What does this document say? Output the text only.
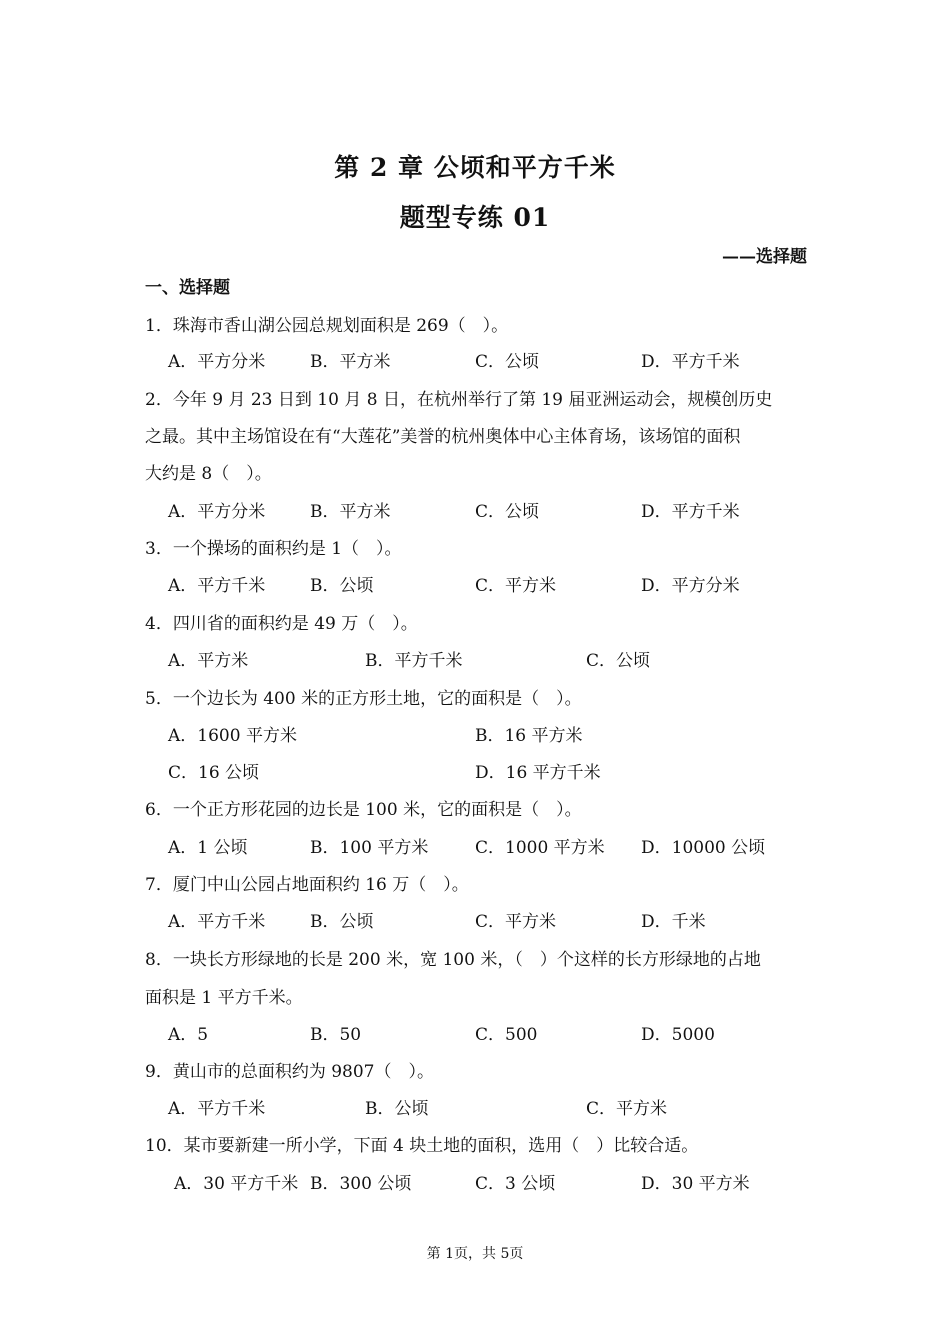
第 2 章 公顷和平方千米
题型专练 01
——选择题
一、选择题
1．珠海市香山湖公园总规划面积是 269（　）。
A．平方分米	B．平方米	C．公顷	D．平方千米
2．今年 9 月 23 日到 10 月 8 日，在杭州举行了第 19 届亚洲运动会，规模创历史
之最。其中主场馆设在有“大莲花”美誉的杭州奥体中心主体育场，该场馆的面积
大约是 8（　）。
A．平方分米	B．平方米	C．公顷	D．平方千米
3．一个操场的面积约是 1（　）。
A．平方千米	B．公顷	C．平方米	D．平方分米
4．四川省的面积约是 49 万（　）。
A．平方米	B．平方千米	C．公顷
5．一个边长为 400 米的正方形土地，它的面积是（　）。
A．1600 平方米	B．16 平方米
C．16 公顷	D．16 平方千米
6．一个正方形花园的边长是 100 米，它的面积是（　）。
A．1 公顷	B．100 平方米	C．1000 平方米 D．10000 公顷
7．厦门中山公园占地面积约 16 万（　）。
A．平方千米	B．公顷	C．平方米	D．千米
8．一块长方形绿地的长是 200 米，宽 100 米，（　）个这样的长方形绿地的占地
面积是 1 平方千米。
A．5	B．50	C．500	D．5000
9．黄山市的总面积约为 9807（　）。
A．平方千米	B．公顷	C．平方米
10．某市要新建一所小学，下面 4 块土地的面积，选用（　）比较合适。
A．30 平方千米 B．300 公顷	C．3 公顷	D．30 平方米
第 1页，共 5页
